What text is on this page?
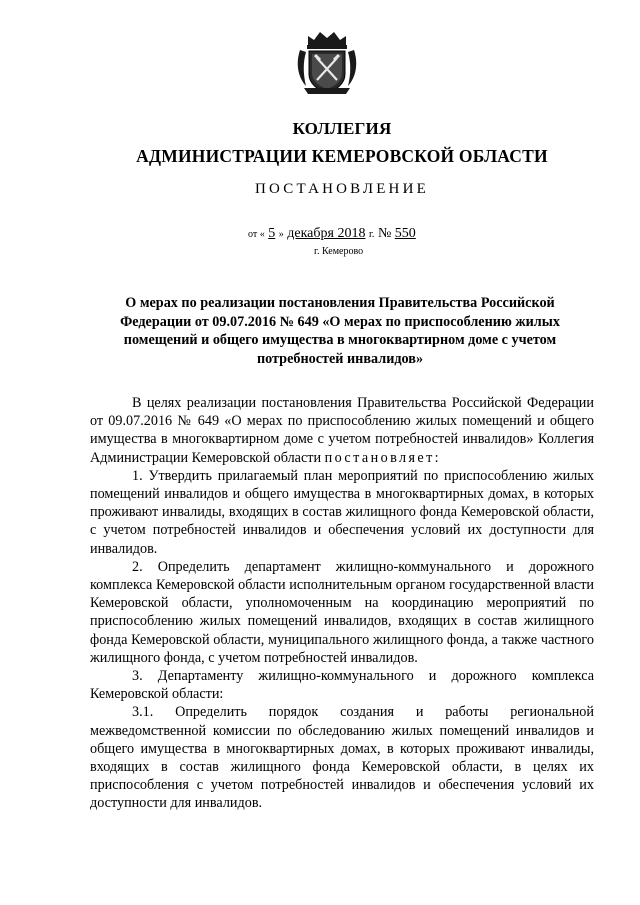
КОЛЛЕГИЯ
АДМИНИСТРАЦИИ КЕМЕРОВСКОЙ ОБЛАСТИ
ПОСТАНОВЛЕНИЕ
от « 5 » декабря 2018 г. № 550
г. Кемерово
О мерах по реализации постановления Правительства Российской Федерации от 09.07.2016 № 649 «О мерах по приспособлению жилых помещений и общего имущества в многоквартирном доме с учетом потребностей инвалидов»

В целях реализации постановления Правительства Российской Федерации от 09.07.2016 № 649 «О мерах по приспособлению жилых помещений и общего имущества в многоквартирном доме с учетом потребностей инвалидов» Коллегия Администрации Кемеровской области постановляет:

1. Утвердить прилагаемый план мероприятий по приспособлению жилых помещений инвалидов и общего имущества в многоквартирных домах, в которых проживают инвалиды, входящих в состав жилищного фонда Кемеровской области, с учетом потребностей инвалидов и обеспечения условий их доступности для инвалидов.

2. Определить департамент жилищно-коммунального и дорожного комплекса Кемеровской области исполнительным органом государственной власти Кемеровской области, уполномоченным на координацию мероприятий по приспособлению жилых помещений инвалидов, входящих в состав жилищного фонда Кемеровской области, муниципального жилищного фонда, а также частного жилищного фонда, с учетом потребностей инвалидов.

3. Департаменту жилищно-коммунального и дорожного комплекса Кемеровской области:

3.1. Определить порядок создания и работы региональной межведомственной комиссии по обследованию жилых помещений инвалидов и общего имущества в многоквартирных домах, в которых проживают инвалиды, входящих в состав жилищного фонда Кемеровской области, в целях их приспособления с учетом потребностей инвалидов и обеспечения условий их доступности для инвалидов.
